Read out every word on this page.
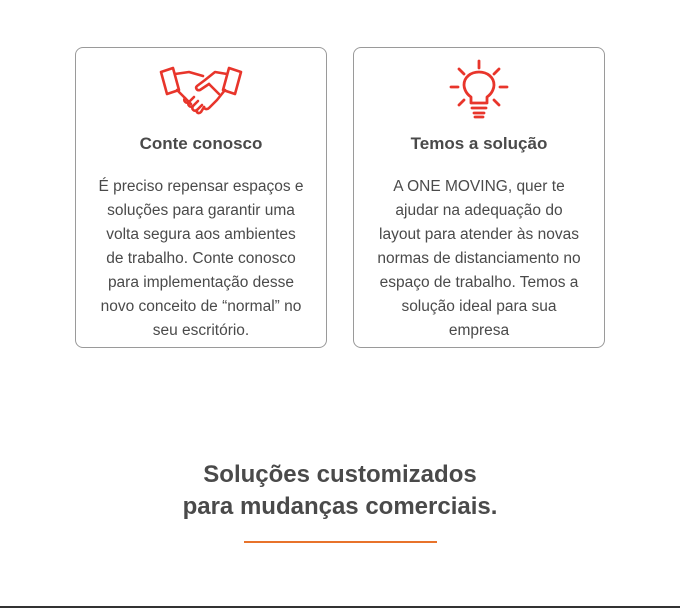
Conte conosco

É preciso repensar espaços e
soluções para garantir uma
volta segura aos ambientes
de trabalho. Conte conosco
para implementação desse
novo conceito de “normal” no
seu escritório.

Temos a solução

A ONE MOVING, quer te
ajudar na adequação do
layout para atender às novas
normas de distanciamento no
espaço de trabalho. Temos a
solução ideal para sua
empresa

Soluções customizados
para mudanças comerciais.
